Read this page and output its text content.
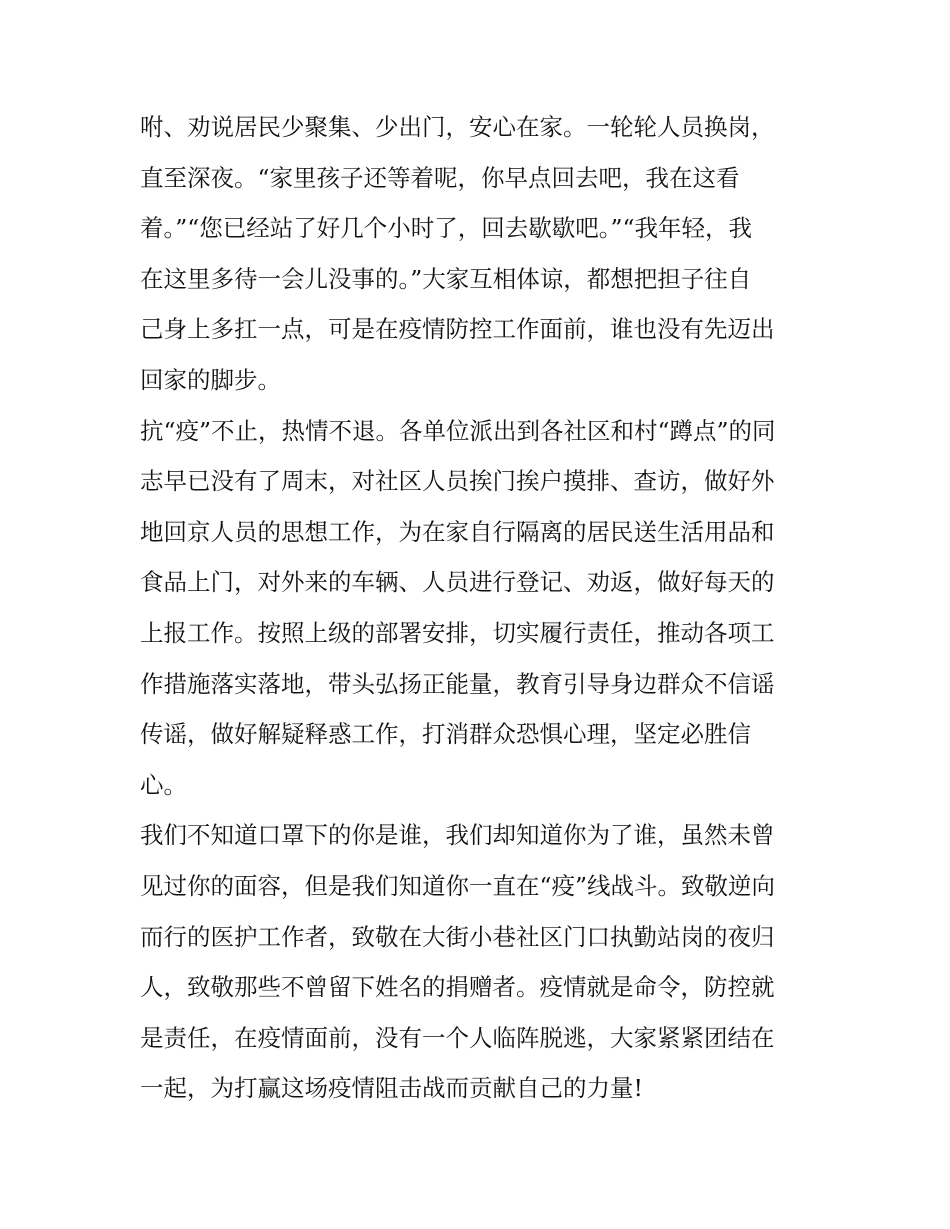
咐、劝说居民少聚集、少出门，安心在家。一轮轮人员换岗，
直至深夜。“家里孩子还等着呢，你早点回去吧，我在这看
着。”“您已经站了好几个小时了，回去歇歇吧。”“我年轻，我
在这里多待一会儿没事的。”大家互相体谅，都想把担子往自
己身上多扛一点，可是在疫情防控工作面前，谁也没有先迈出
回家的脚步。
抗“疫”不止，热情不退。各单位派出到各社区和村“蹲点”的同
志早已没有了周末，对社区人员挨门挨户摸排、查访，做好外
地回京人员的思想工作，为在家自行隔离的居民送生活用品和
食品上门，对外来的车辆、人员进行登记、劝返，做好每天的
上报工作。按照上级的部署安排，切实履行责任，推动各项工
作措施落实落地，带头弘扬正能量，教育引导身边群众不信谣
传谣，做好解疑释惑工作，打消群众恐惧心理，坚定必胜信
心。
我们不知道口罩下的你是谁，我们却知道你为了谁，虽然未曾
见过你的面容，但是我们知道你一直在“疫”线战斗。致敬逆向
而行的医护工作者，致敬在大街小巷社区门口执勤站岗的夜归
人，致敬那些不曾留下姓名的捐赠者。疫情就是命令，防控就
是责任，在疫情面前，没有一个人临阵脱逃，大家紧紧团结在
一起，为打赢这场疫情阻击战而贡献自己的力量!
